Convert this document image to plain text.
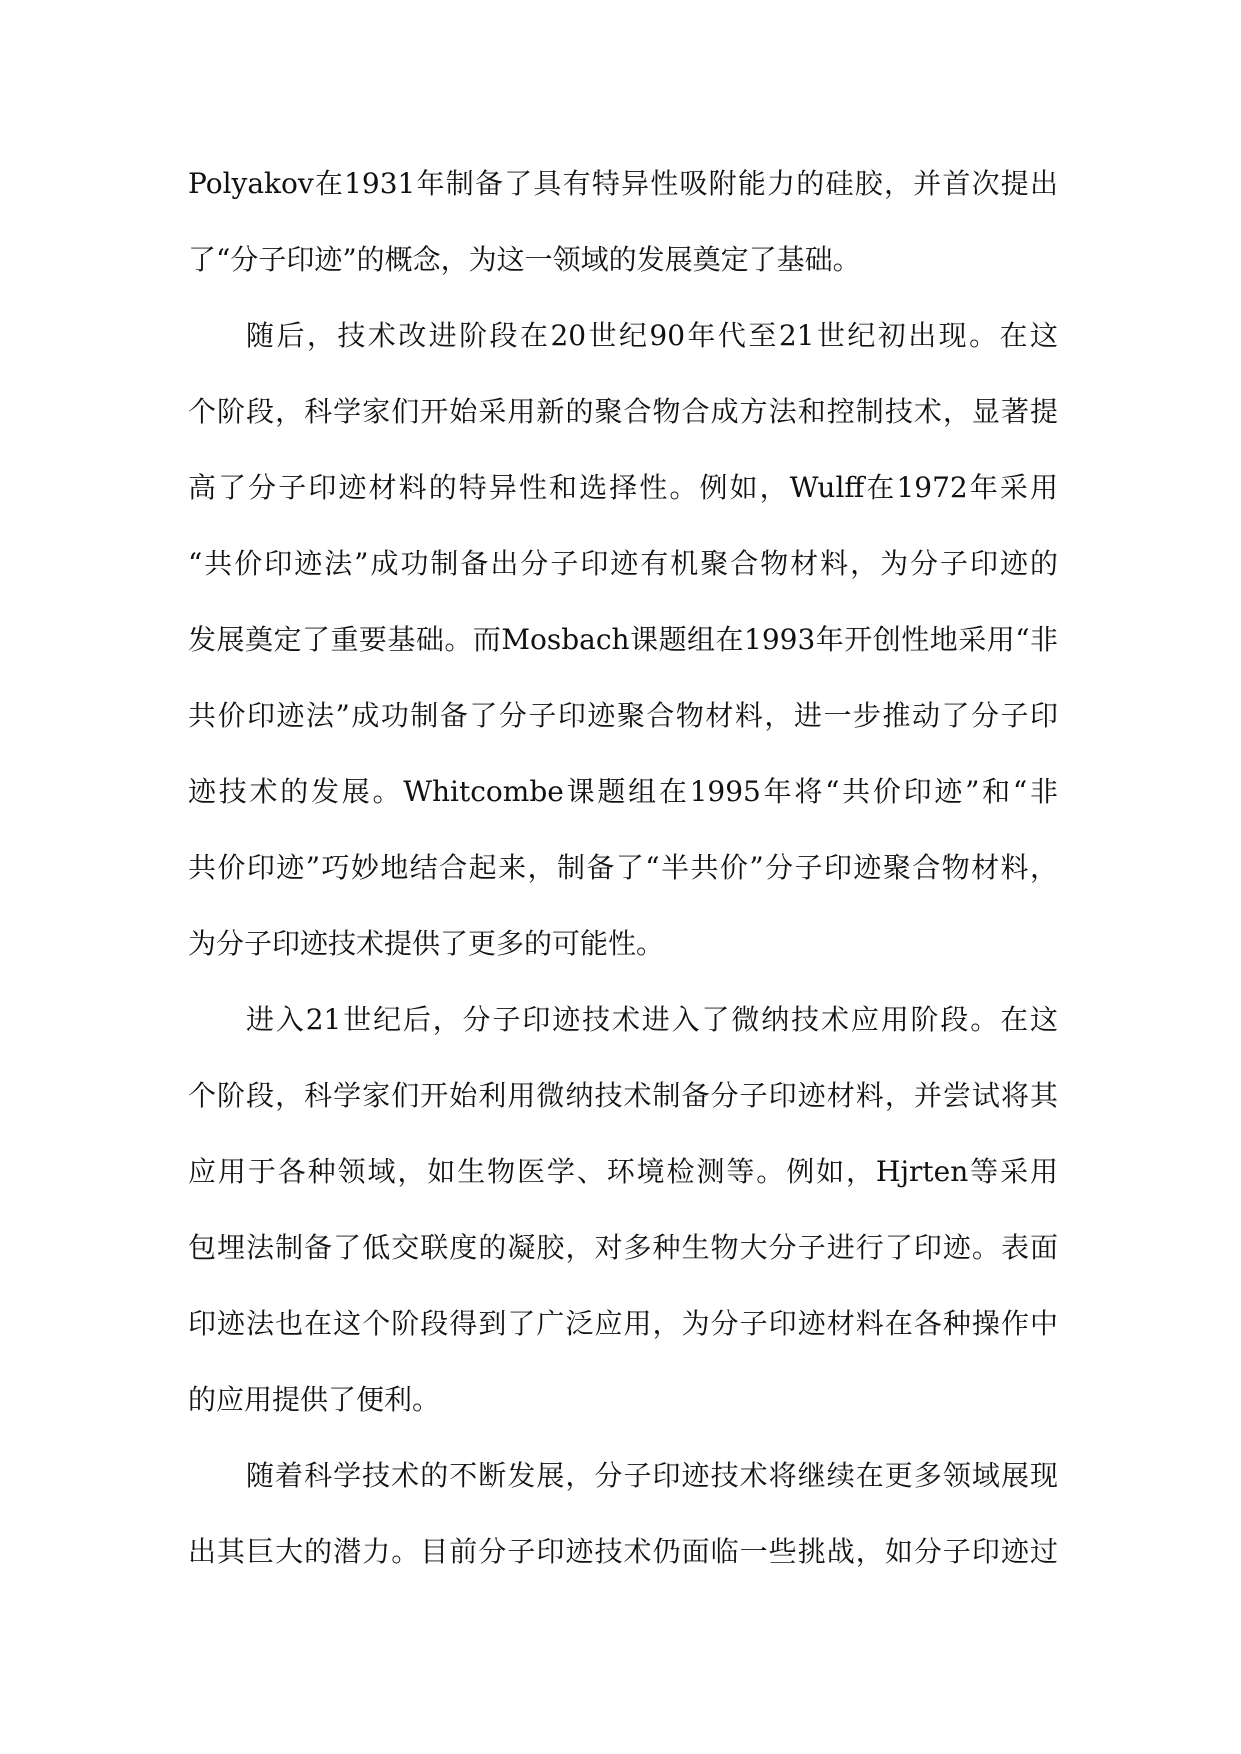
Polyakov在1931年制备了具有特异性吸附能力的硅胶，并首次提出
了“分子印迹”的概念，为这一领域的发展奠定了基础。
随后，技术改进阶段在20世纪90年代至21世纪初出现。在这
个阶段，科学家们开始采用新的聚合物合成方法和控制技术，显著提
高了分子印迹材料的特异性和选择性。例如，Wulff在1972年采用
“共价印迹法”成功制备出分子印迹有机聚合物材料，为分子印迹的
发展奠定了重要基础。而Mosbach课题组在1993年开创性地采用“非
共价印迹法”成功制备了分子印迹聚合物材料，进一步推动了分子印
迹技术的发展。Whitcombe课题组在1995年将“共价印迹”和“非
共价印迹”巧妙地结合起来，制备了“半共价”分子印迹聚合物材料，
为分子印迹技术提供了更多的可能性。
进入21世纪后，分子印迹技术进入了微纳技术应用阶段。在这
个阶段，科学家们开始利用微纳技术制备分子印迹材料，并尝试将其
应用于各种领域，如生物医学、环境检测等。例如，Hjrten等采用
包埋法制备了低交联度的凝胶，对多种生物大分子进行了印迹。表面
印迹法也在这个阶段得到了广泛应用，为分子印迹材料在各种操作中
的应用提供了便利。
随着科学技术的不断发展，分子印迹技术将继续在更多领域展现
出其巨大的潜力。目前分子印迹技术仍面临一些挑战，如分子印迹过
